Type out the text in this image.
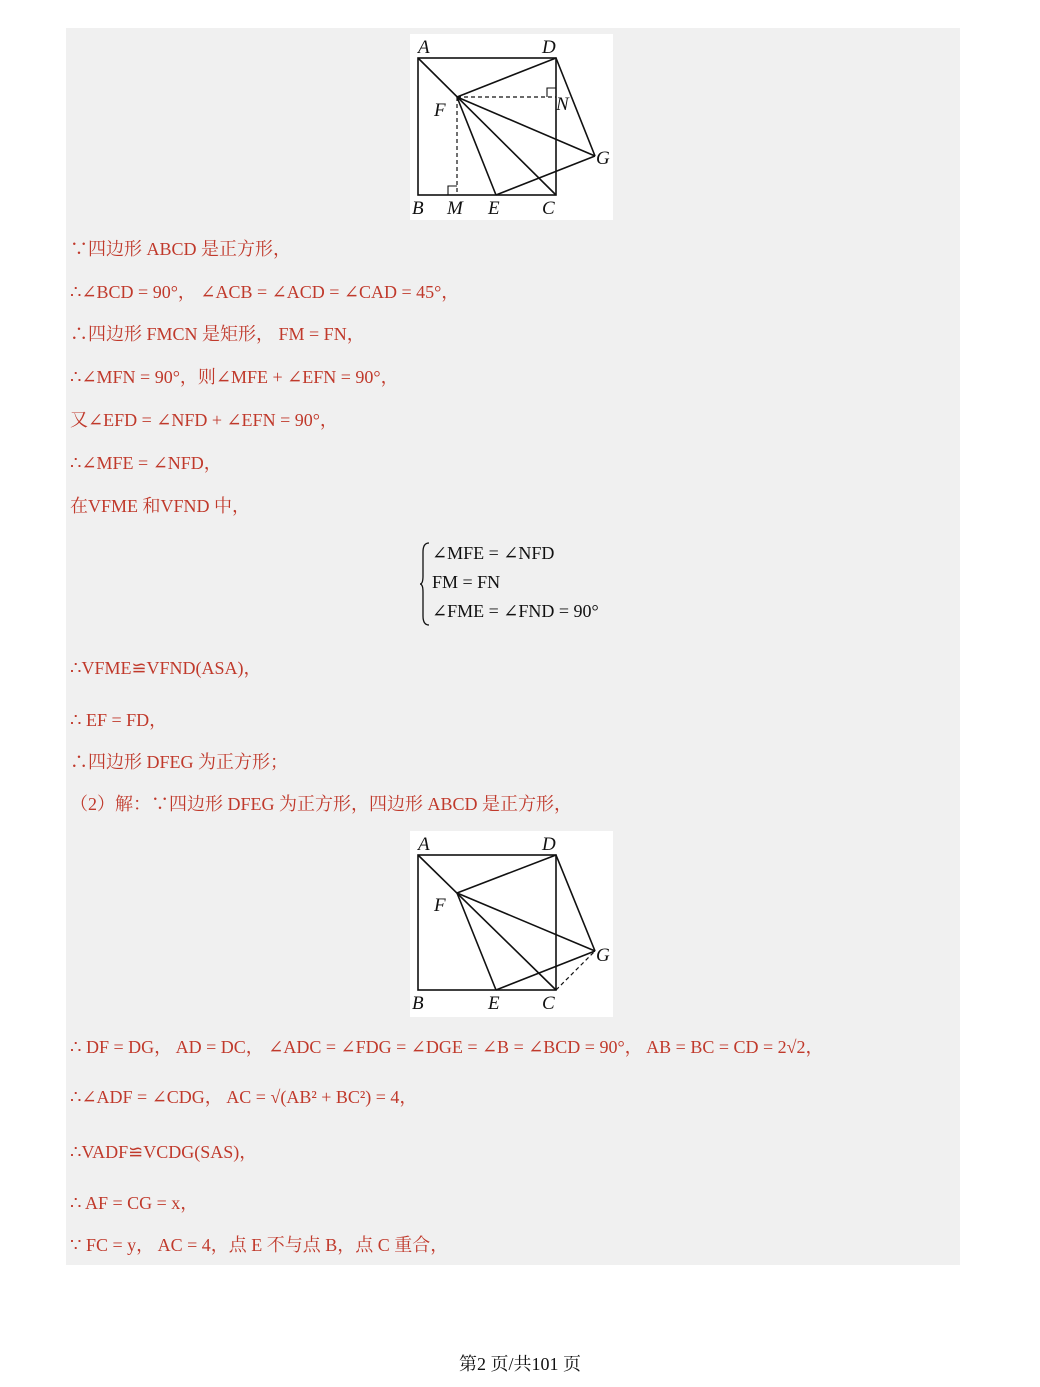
A	D
F	N
G
B M E C
∵四边形 ABCD 是正方形，
∴∠BCD = 90°， ∠ACB = ∠ACD = ∠CAD = 45°，
∴四边形 FMCN 是矩形， FM = FN，
∴∠MFN = 90°，则∠MFE + ∠EFN = 90°，
又∠EFD = ∠NFD + ∠EFN = 90°，
∴∠MFE = ∠NFD，
在VFME 和VFND 中，
∠MFE = ∠NFD
FM = FN
∠FME = ∠FND = 90°
∴VFME≌VFND(ASA)，
∴ EF = FD，
∴四边形 DFEG 为正方形；
（2）解：∵四边形 DFEG 为正方形，四边形 ABCD 是正方形，
A	D
F
G
B	E C
∴ DF = DG， AD = DC， ∠ADC = ∠FDG = ∠DGE = ∠B = ∠BCD = 90°， AB = BC = CD = 2√2，
∴∠ADF = ∠CDG， AC = √(AB² + BC²) = 4，
∴VADF≌VCDG(SAS)，
∴ AF = CG = x，
∵ FC = y， AC = 4，点 E 不与点 B，点 C 重合，
第2 页/共101 页
